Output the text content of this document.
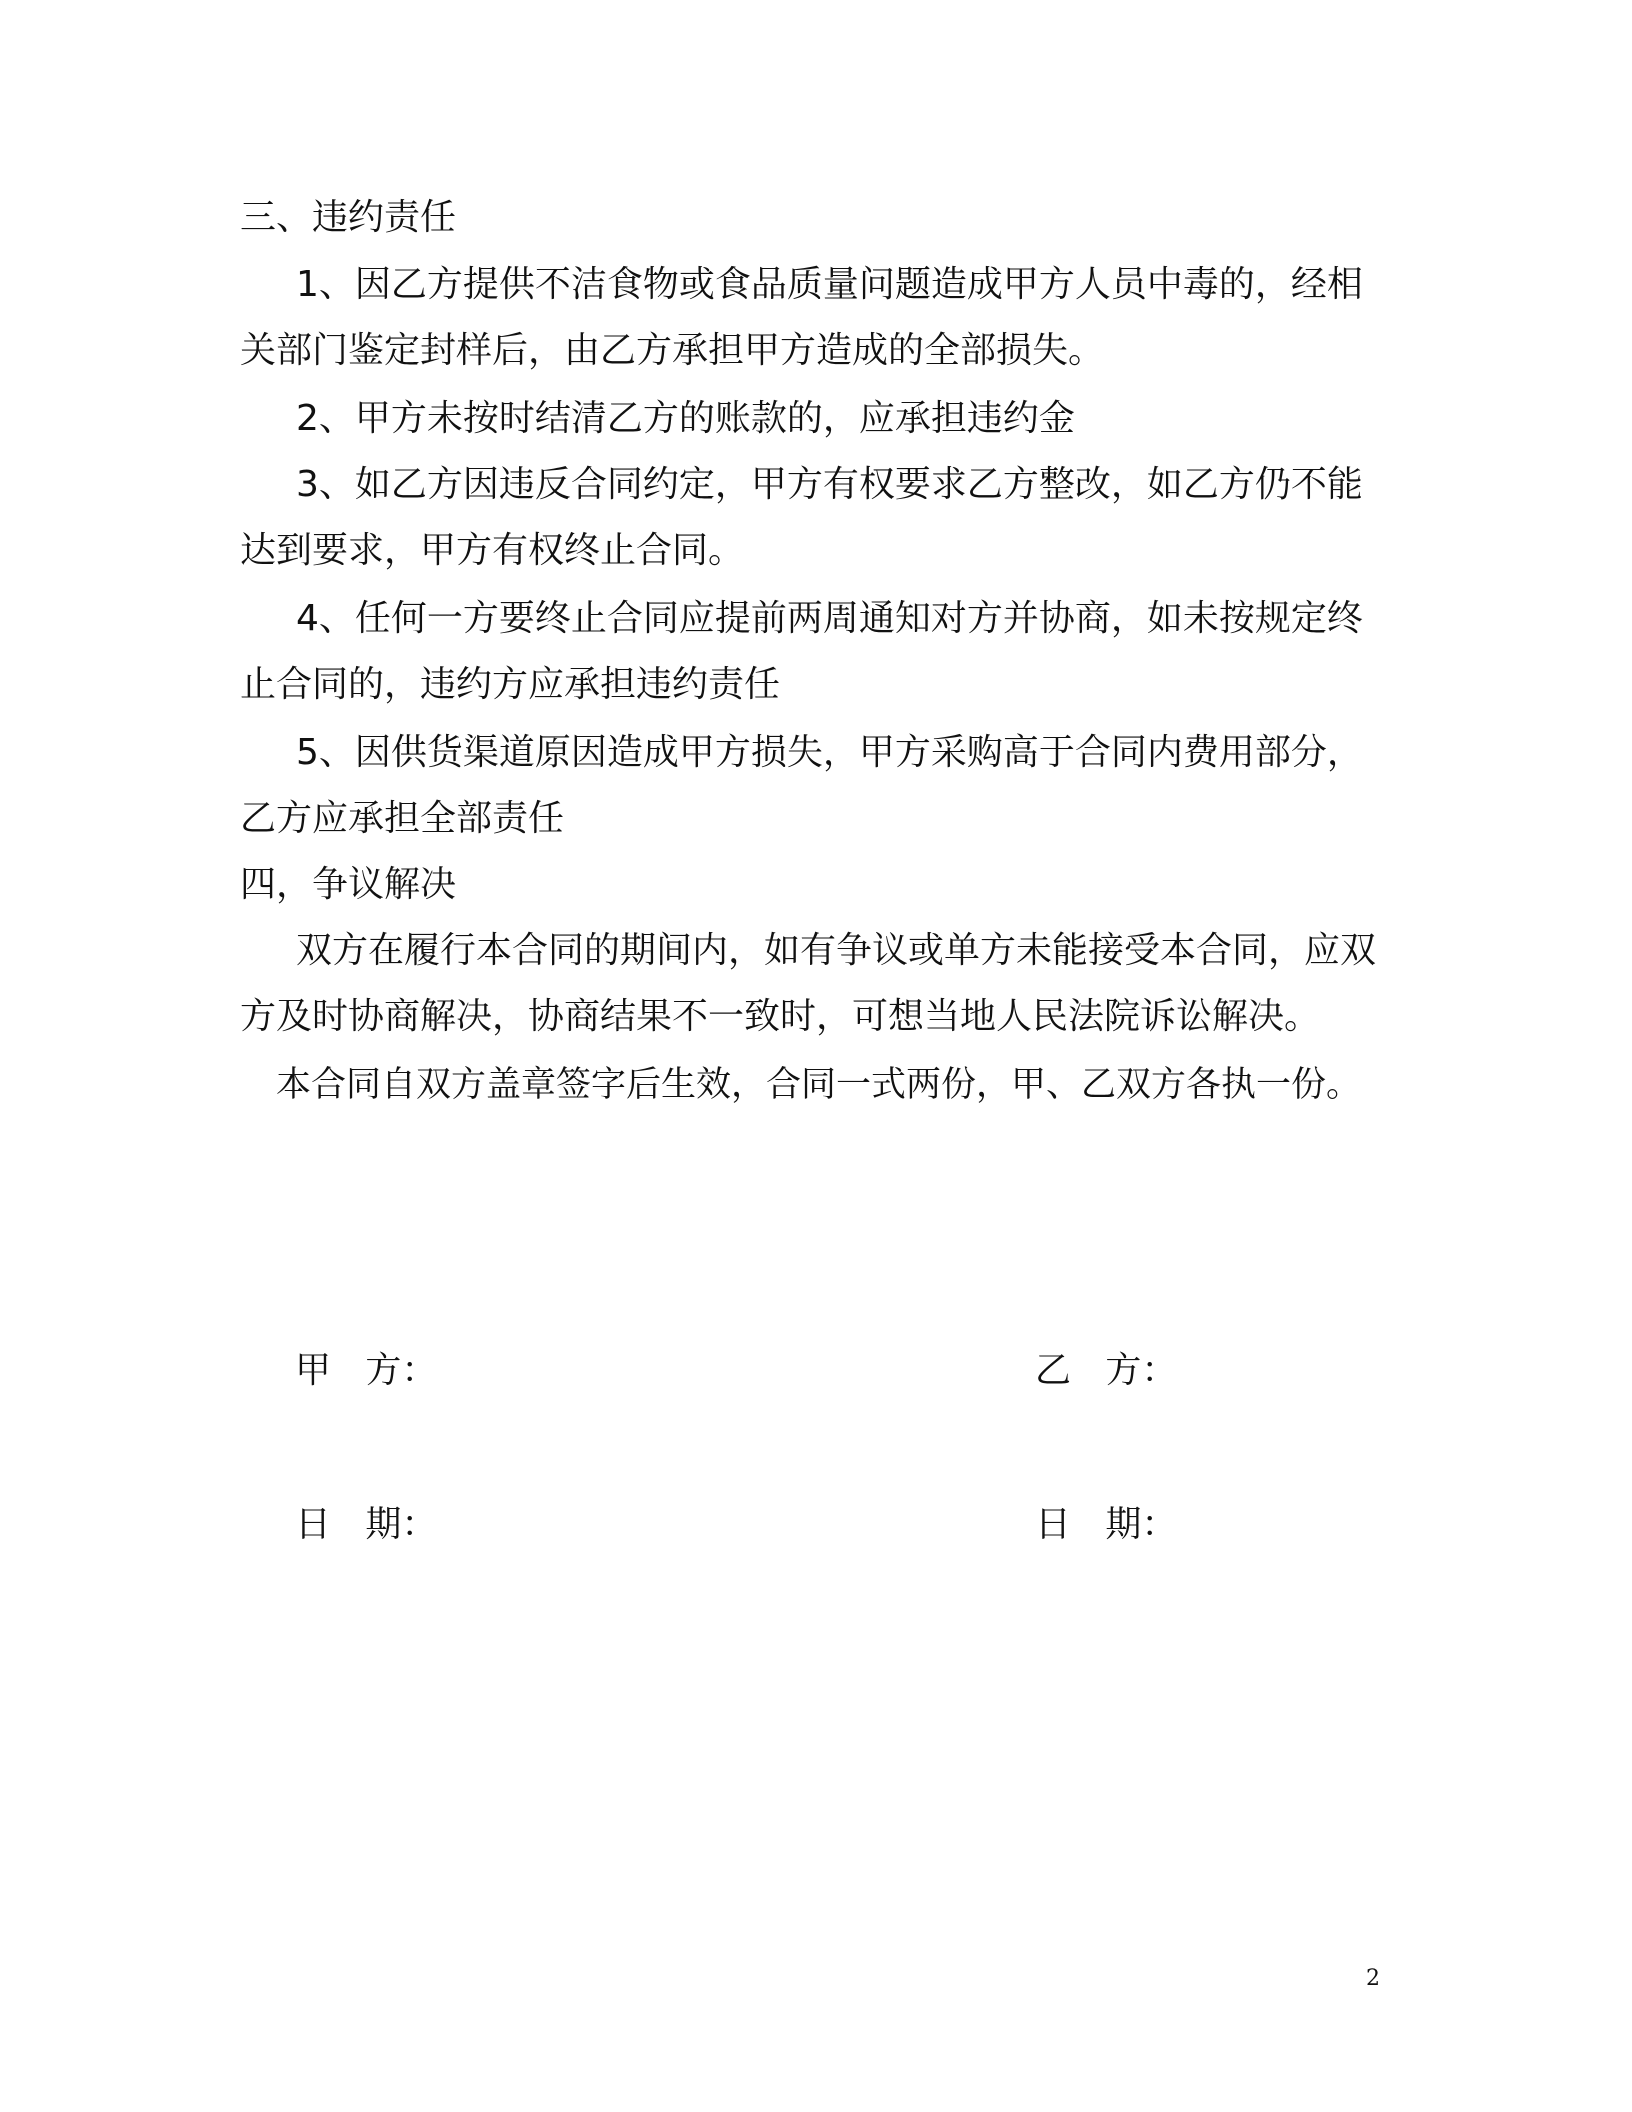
三、违约责任
1、因乙方提供不洁食物或食品质量问题造成甲方人员中毒的，经相关部门鉴定封样后，由乙方承担甲方造成的全部损失。
2、甲方未按时结清乙方的账款的，应承担违约金
3、如乙方因违反合同约定，甲方有权要求乙方整改，如乙方仍不能达到要求，甲方有权终止合同。
4、任何一方要终止合同应提前两周通知对方并协商，如未按规定终止合同的，违约方应承担违约责任
5、因供货渠道原因造成甲方损失，甲方采购高于合同内费用部分，乙方应承担全部责任
四，争议解决
双方在履行本合同的期间内，如有争议或单方未能接受本合同，应双方及时协商解决，协商结果不一致时，可想当地人民法院诉讼解决。
本合同自双方盖章签字后生效，合同一式两份，甲、乙双方各执一份。
甲   方：	乙   方：
日   期：	日   期：
2
